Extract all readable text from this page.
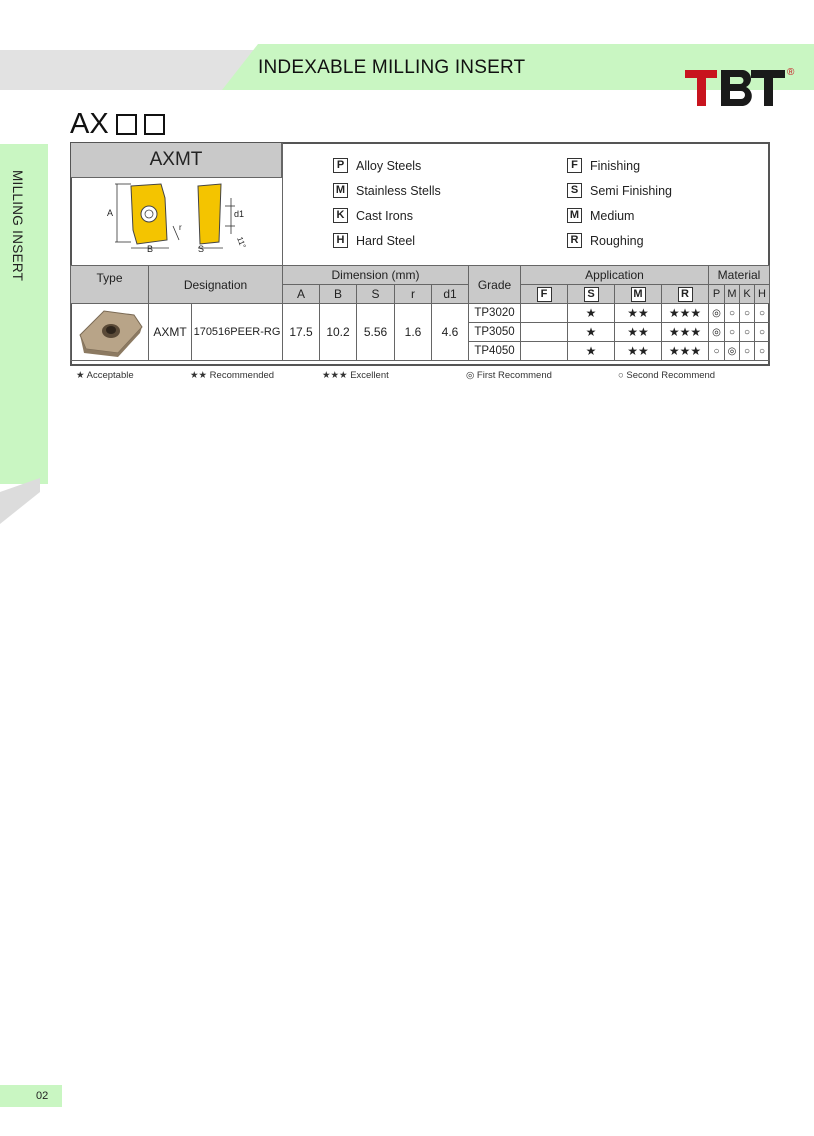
INDEXABLE MILLING INSERT	®
MILLING INSERT
AX
AXMT
A
B
r
S
d1
11°
P Alloy Steels
M Stainless Stells
K Cast Irons
H Hard Steel
F Finishing
S Semi Finishing
M Medium
R Roughing
Type	Designation		Dimension (mm)					Grade	Application				Material			
			A	B	S	r	d1		F	S	M	R	P	M	K	H
	AXMT	170516PEER-RG	17.5	10.2	5.56	1.6	4.6	TP3020		★	★★	★★★	◎	○	○	○
								TP3050		★	★★	★★★	◎	○	○	○
								TP4050		★	★★	★★★	○	◎	○	○
★ Acceptable	★★ Recommended	★★★ Excellent	◎ First Recommend	○ Second Recommend
02
